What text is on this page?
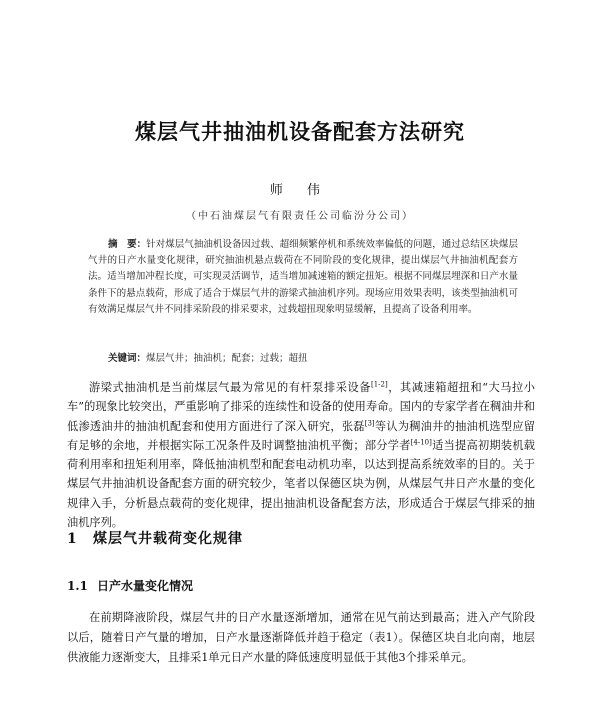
煤层气井抽油机设备配套方法研究
师 伟
（中石油煤层气有限责任公司临汾分公司）
摘　要：针对煤层气抽油机设备因过载、超细频繁停机和系统效率偏低的问题，通过总结区块煤层气井的日产水量变化规律，研究抽油机悬点载荷在不同阶段的变化规律，提出煤层气井抽油机配套方法。适当增加冲程长度，可实现灵活调节，适当增加减速箱的额定扭矩。根据不同煤层埋深和日产水量条件下的悬点载荷，形成了适合于煤层气井的游梁式抽油机序列。现场应用效果表明，该类型抽油机可有效满足煤层气井不同排采阶段的排采要求，过载超扭现象明显缓解，且提高了设备利用率。
关键词：煤层气井；抽油机；配套；过载；超扭
游梁式抽油机是当前煤层气最为常见的有杆泵排采设备[1-2]，其减速箱超扭和“大马拉小车”的现象比较突出，严重影响了排采的连续性和设备的使用寿命。国内的专家学者在稠油井和低渗透油井的抽油机配套和使用方面进行了深入研究，张磊[3]等认为稠油井的抽油机选型应留有足够的余地，并根据实际工况条件及时调整抽油机平衡；部分学者[4-10]适当提高初期装机载荷利用率和扭矩利用率，降低抽油机型和配套电动机功率，以达到提高系统效率的目的。关于煤层气井抽油机设备配套方面的研究较少，笔者以保德区块为例，从煤层气井日产水量的变化规律入手，分析悬点载荷的变化规律，提出抽油机设备配套方法，形成适合于煤层气排采的抽油机序列。
1 煤层气井载荷变化规律
1.1 日产水量变化情况
在前期降液阶段，煤层气井的日产水量逐渐增加，通常在见气前达到最高；进入产气阶段以后，随着日产气量的增加，日产水量逐渐降低并趋于稳定（表1）。保德区块自北向南，地层供液能力逐渐变大，且排采1单元日产水量的降低速度明显低于其他3个排采单元。
